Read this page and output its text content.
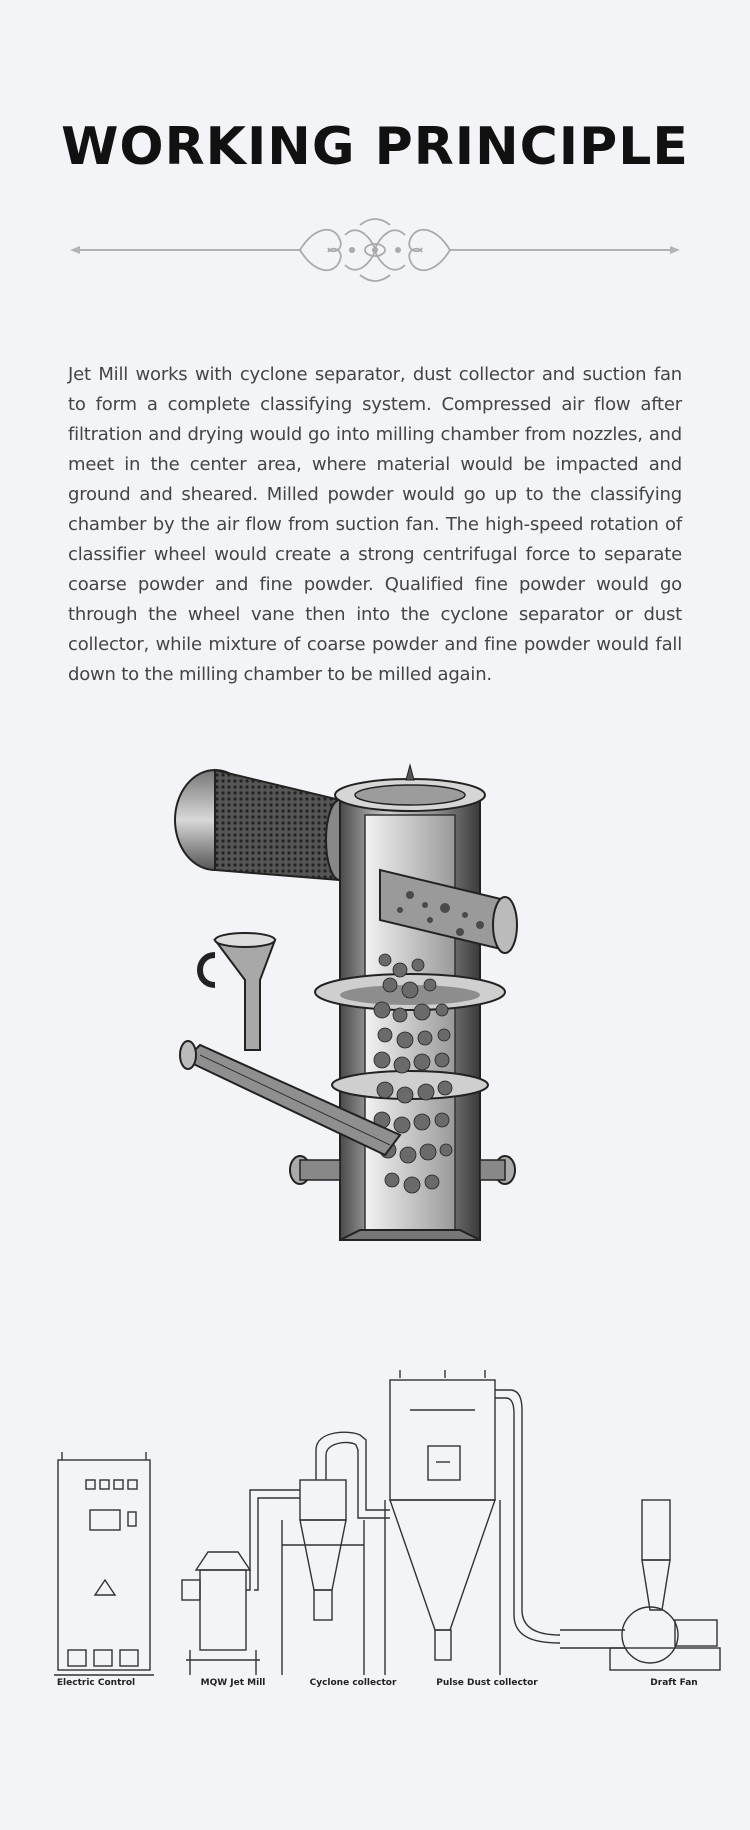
WORKING PRINCIPLE
Jet Mill works with cyclone separator, dust collector and suction fan to form a complete classifying system. Compressed air flow after filtration and drying would go into milling chamber from nozzles, and meet in the center area, where material would be impacted and ground and sheared. Milled powder would go up to the classifying chamber by the air flow from suction fan. The high-speed rotation of classifier wheel would create a strong centrifugal force to separate coarse powder and fine powder. Qualified fine powder would go through the wheel vane then into the cyclone separator or dust collector, while mixture of coarse powder and fine powder would fall down to the milling chamber to be milled again.
Electric Control	MQW Jet Mill	Cyclone collector	Pulse Dust collector	Draft Fan
